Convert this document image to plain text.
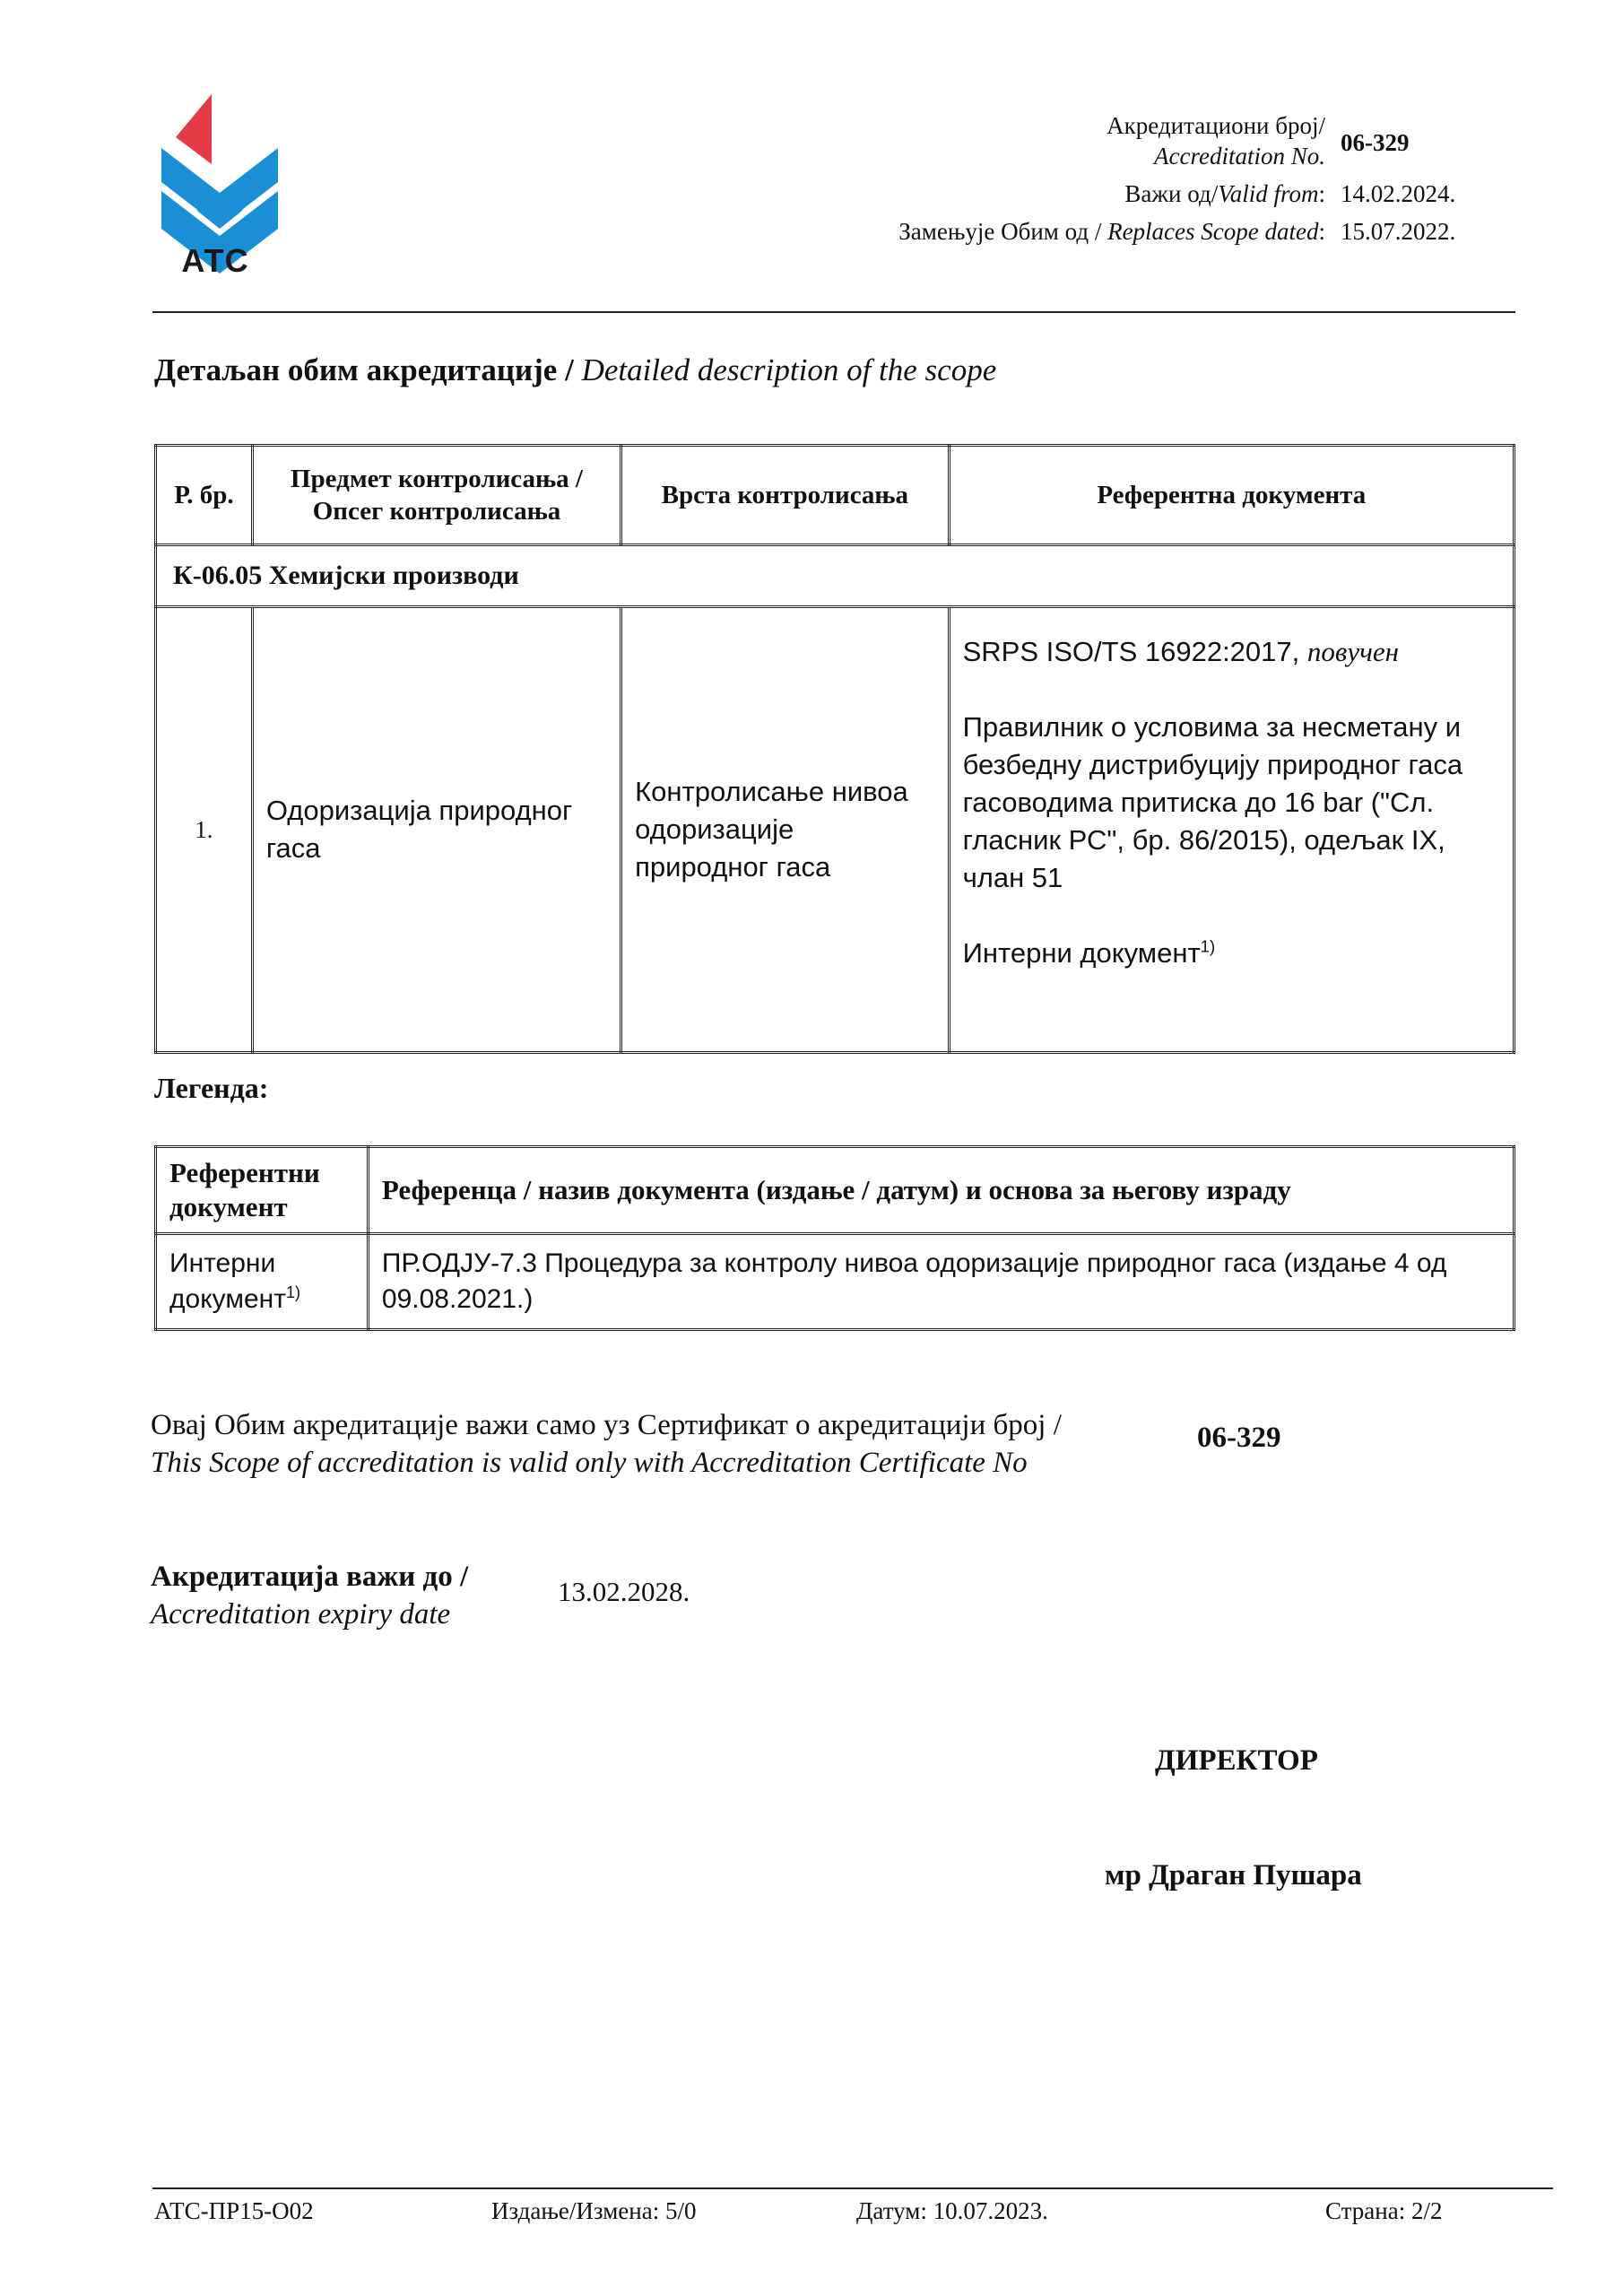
АТС
Акредитациони број/
Accreditation No. 06-329
Важи од/Valid from: 14.02.2024.
Замењује Обим од / Replaces Scope dated: 15.07.2022.
Детаљан обим акредитације / Detailed description of the scope
Р. бр.	Предмет контролисања / Опсег контролисања	Врста контролисања	Референтна документа
К-06.05 Хемијски производи			
1.	Одоризација природног гаса	Контролисање нивоа одоризације природног гаса	SRPS ISO/TS 16922:2017, повучен
Правилник о условима за несметану и безбедну дистрибуцију природног гаса гасоводима притиска до 16 bar ("Сл. гласник РС", бр. 86/2015), одељак IX, члан 51
Интерни документ$^{1)}$
Легенда:
Референтни документ	Референца / назив документа (издање / датум) и основа за његову израду
Интерни документ$^{1)}$	ПР.ОДЈУ-7.3 Процедура за контролу нивоа одоризације природног гаса (издање 4 од 09.08.2021.)
Овај Обим акредитације важи само уз Сертификат о акредитацији број /
This Scope of accreditation is valid only with Accreditation Certificate No
06-329
Акредитација важи до /
Accreditation expiry date
13.02.2028.
ДИРЕКТОР
мр Драган Пушара
АТС-ПР15-О02	Издање/Измена: 5/0	Датум: 10.07.2023.	Страна: 2/2
